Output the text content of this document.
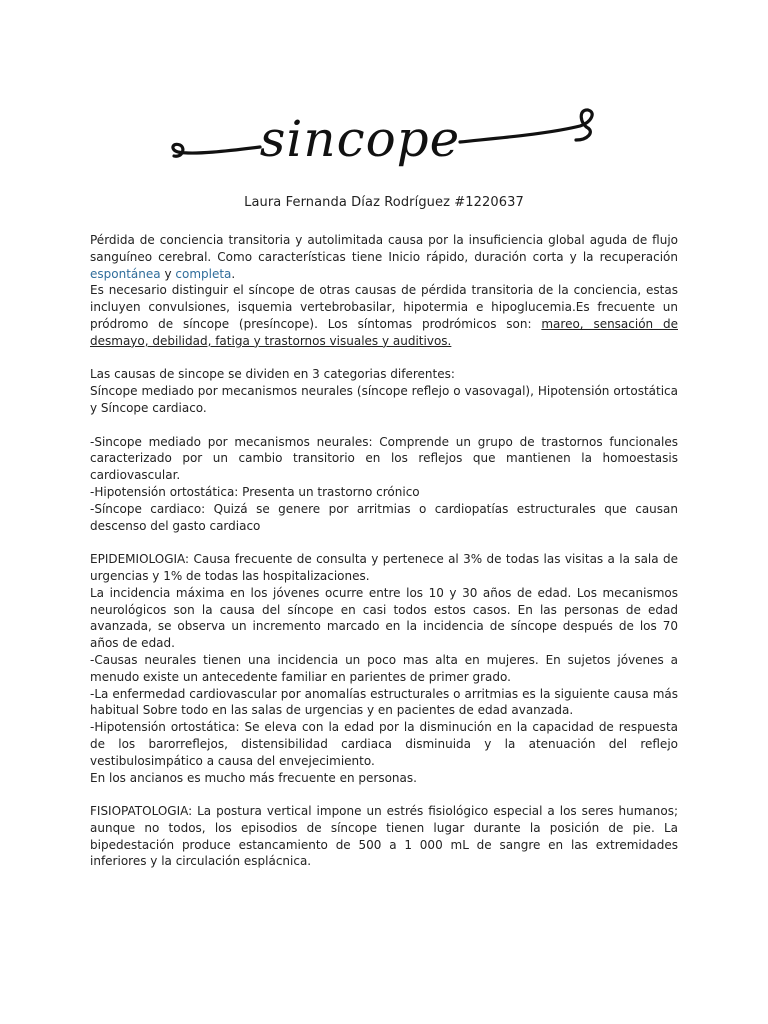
sincope
Laura Fernanda Díaz Rodríguez #1220637

Pérdida de conciencia transitoria y autolimitada causa por la insuficiencia global aguda de flujo sanguíneo cerebral. Como características tiene Inicio rápido, duración corta y la recuperación espontánea y completa.

Es necesario distinguir el síncope de otras causas de pérdida transitoria de la conciencia, estas incluyen convulsiones, isquemia vertebrobasilar, hipotermia e hipoglucemia.Es frecuente un pródromo de síncope (presíncope). Los síntomas prodrómicos son: mareo, sensación de desmayo, debilidad, fatiga y trastornos visuales y auditivos.

Las causas de sincope se dividen en 3 categorias diferentes:

Síncope mediado por mecanismos neurales (síncope reflejo o vasovagal), Hipotensión ortostática y Síncope cardiaco.

-Sincope mediado por mecanismos neurales: Comprende un grupo de trastornos funcionales caracterizado por un cambio transitorio en los reflejos que mantienen la homoestasis cardiovascular.

-Hipotensión ortostática: Presenta un trastorno crónico

-Síncope cardiaco: Quizá se genere por arritmias o cardiopatías estructurales que causan descenso del gasto cardiaco

EPIDEMIOLOGIA: Causa frecuente de consulta y pertenece al 3% de todas las visitas a la sala de urgencias y 1% de todas las hospitalizaciones.

La incidencia máxima en los jóvenes ocurre entre los 10 y 30 años de edad. Los mecanismos neurológicos son la causa del síncope en casi todos estos casos. En las personas de edad avanzada, se observa un incremento marcado en la incidencia de síncope después de los 70 años de edad.

-Causas neurales tienen una incidencia un poco mas alta en mujeres. En sujetos jóvenes a menudo existe un antecedente familiar en parientes de primer grado.

-La enfermedad cardiovascular por anomalías estructurales o arritmias es la siguiente causa más habitual Sobre todo en las salas de urgencias y en pacientes de edad avanzada.

-Hipotensión ortostática: Se eleva con la edad por la disminución en la capacidad de respuesta de los barorreflejos, distensibilidad cardiaca disminuida y la atenuación del reflejo vestibulosimpático a causa del envejecimiento.

En los ancianos es mucho más frecuente en personas.

FISIOPATOLOGIA: La postura vertical impone un estrés fisiológico especial a los seres humanos; aunque no todos, los episodios de síncope tienen lugar durante la posición de pie. La bipedestación produce estancamiento de 500 a 1 000 mL de sangre en las extremidades inferiores y la circulación esplácnica.
